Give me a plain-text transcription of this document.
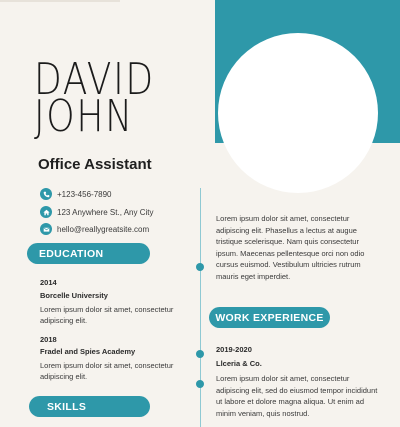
DAVID
JOHN
Office Assistant
+123-456-7890
123 Anywhere St., Any City
hello@reallygreatsite.com
EDUCATION
2014
Borcelle University
Lorem ipsum dolor sit amet, consectetur adipiscing elit.
2018
Fradel and Spies Academy
Lorem ipsum dolor sit amet, consectetur adipiscing elit.
SKILLS
Lorem ipsum dolor sit amet, consectetur adipiscing elit. Phasellus a lectus at augue tristique scelerisque. Nam quis consectetur ipsum. Maecenas pellentesque orci non odio cursus euismod. Vestibulum ultricies rutrum mauris eget imperdiet.
WORK EXPERIENCE
2019-2020
Llceria & Co.
Lorem ipsum dolor sit amet, consectetur adipiscing elit, sed do eiusmod tempor incididunt ut labore et dolore magna aliqua. Ut enim ad minim veniam, quis nostrud.
